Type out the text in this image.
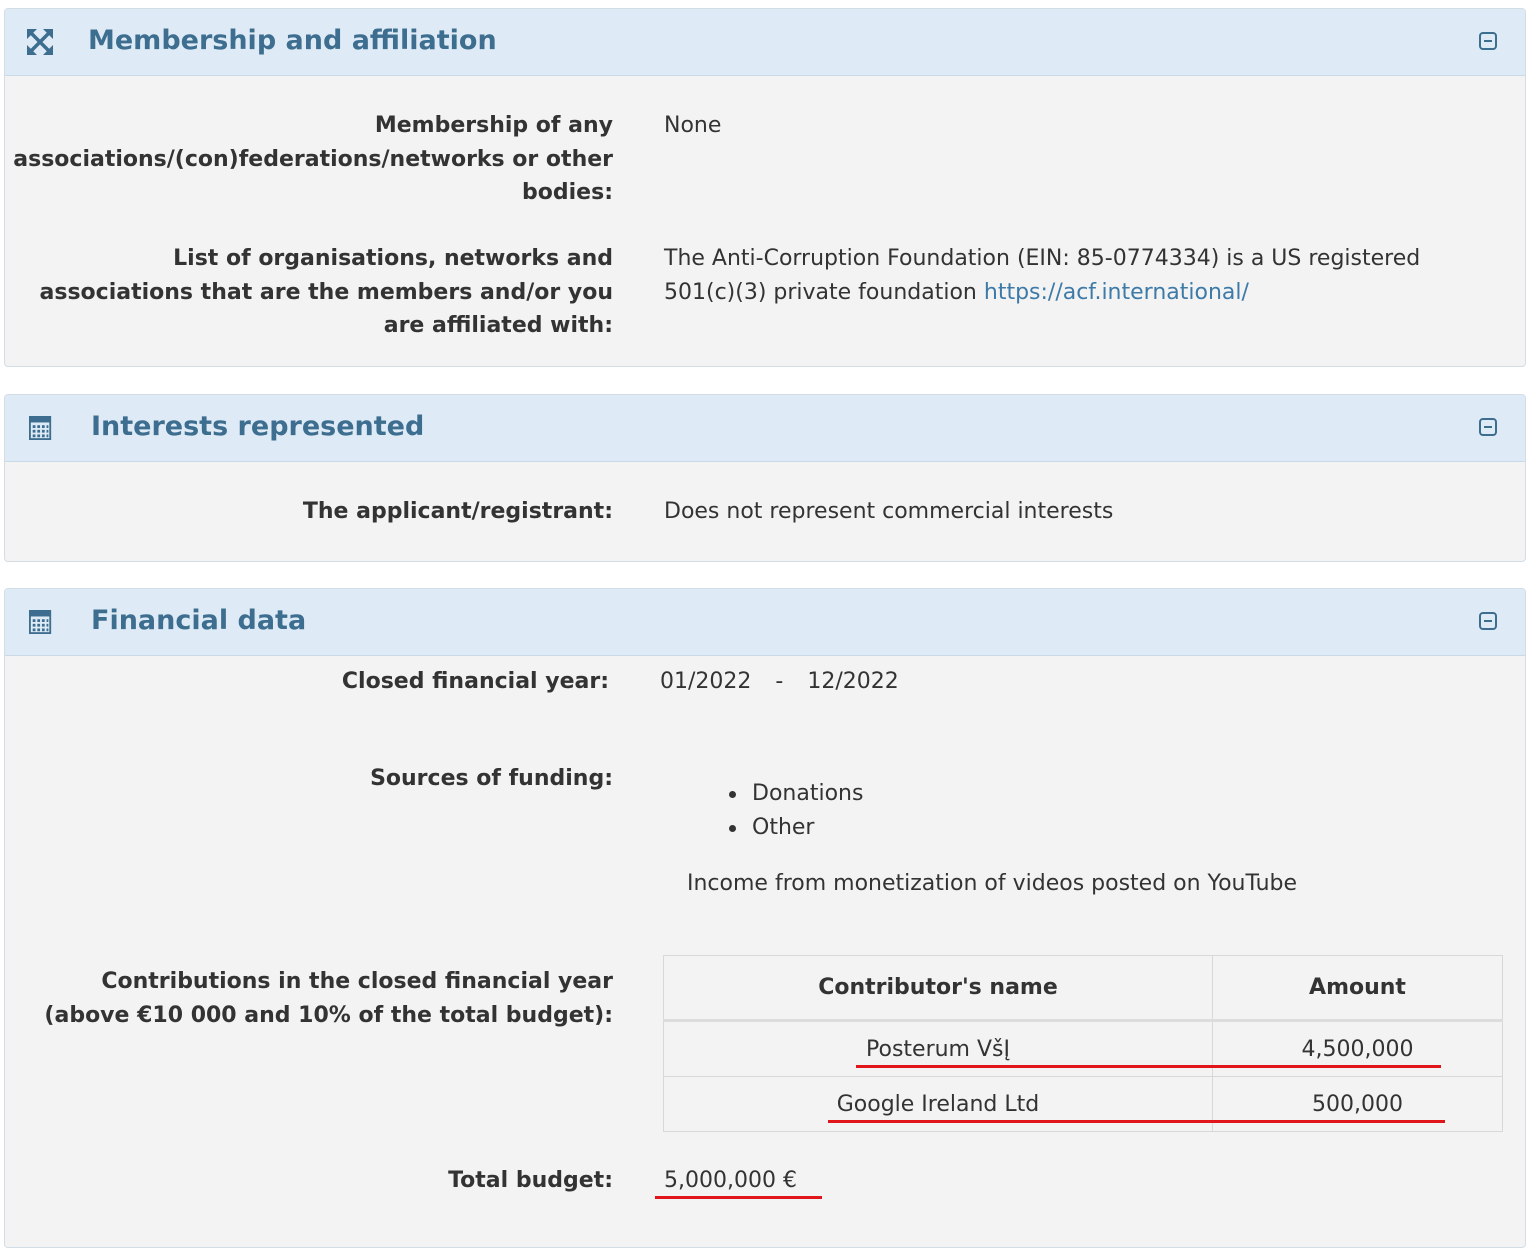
Membership and affiliation
Membership of any associations/(con)federations/networks or other bodies:
None
List of organisations, networks and associations that are the members and/or you are affiliated with:
The Anti-Corruption Foundation (EIN: 85-0774334) is a US registered 501(c)(3) private foundation https://acf.international/
Interests represented
The applicant/registrant: Does not represent commercial interests
Financial data
Closed financial year: 01/2022 - 12/2022
Sources of funding:
Donations
Other
Income from monetization of videos posted on YouTube
Contributions in the closed financial year (above €10 000 and 10% of the total budget):
Contributor's name	Amount
Posterum VšĮ	4,500,000
Google Ireland Ltd	500,000
Total budget: 5,000,000 €
